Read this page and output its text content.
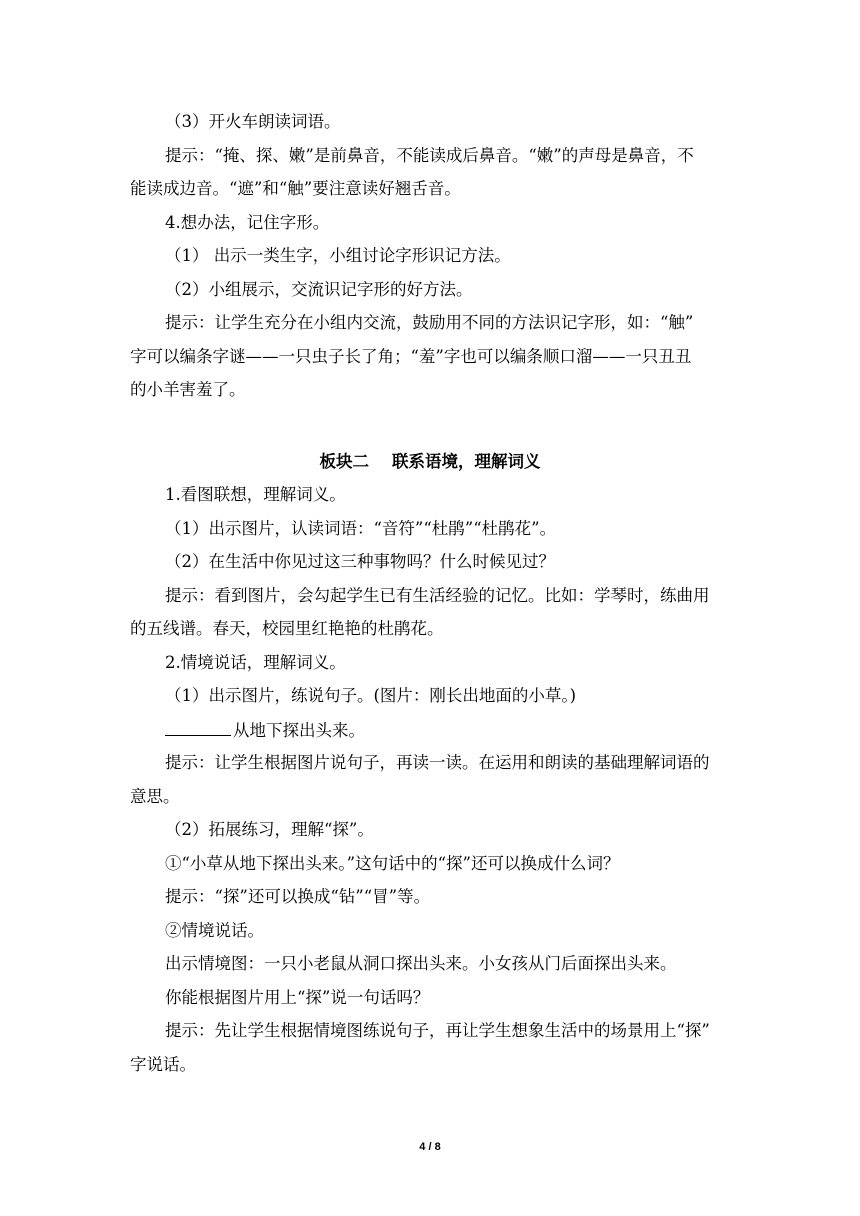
（3）开火车朗读词语。
提示：“掩、探、嫩”是前鼻音，不能读成后鼻音。“嫩”的声母是鼻音，不
能读成边音。“遮”和“触”要注意读好翘舌音。
4.想办法，记住字形。
（1） 出示一类生字，小组讨论字形识记方法。
（2）小组展示，交流识记字形的好方法。
提示：让学生充分在小组内交流，鼓励用不同的方法识记字形，如：“触”
字可以编条字谜——一只虫子长了角；“羞”字也可以编条顺口溜——一只丑丑
的小羊害羞了。
板块二    联系语境，理解词义
1.看图联想，理解词义。
（1）出示图片，认读词语：“音符”“杜鹃”“杜鹃花”。
（2）在生活中你见过这三种事物吗？什么时候见过？
提示：看到图片，会勾起学生已有生活经验的记忆。比如：学琴时，练曲用
的五线谱。春天，校园里红艳艳的杜鹃花。
2.情境说话，理解词义。
（1）出示图片，练说句子。(图片：刚长出地面的小草。)
从地下探出头来。
提示：让学生根据图片说句子，再读一读。在运用和朗读的基础理解词语的
意思。
（2）拓展练习，理解“探”。
①“小草从地下探出头来。”这句话中的“探”还可以换成什么词？
提示：“探”还可以换成“钻”“冒”等。
②情境说话。
出示情境图：一只小老鼠从洞口探出头来。小女孩从门后面探出头来。
你能根据图片用上“探”说一句话吗？
提示：先让学生根据情境图练说句子，再让学生想象生活中的场景用上“探”
字说话。
4 / 8
